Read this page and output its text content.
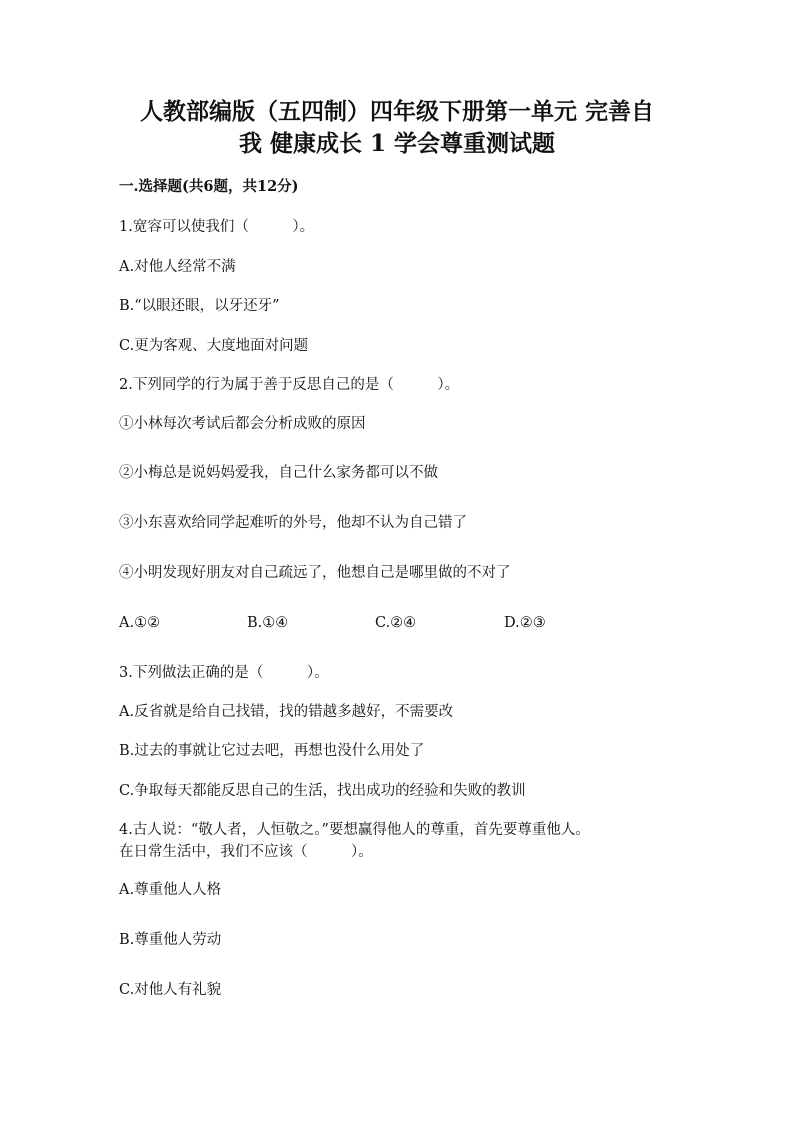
人教部编版（五四制）四年级下册第一单元 完善自
我 健康成长 1 学会尊重测试题

一.选择题(共6题，共12分)

1.宽容可以使我们（　　　）。

A.对他人经常不满

B.“以眼还眼，以牙还牙”

C.更为客观、大度地面对问题

2.下列同学的行为属于善于反思自己的是（　　　）。

①小林每次考试后都会分析成败的原因

②小梅总是说妈妈爱我，自己什么家务都可以不做

③小东喜欢给同学起难听的外号，他却不认为自己错了

④小明发现好朋友对自己疏远了，他想自己是哪里做的不对了

A.①②	B.①④	C.②④	D.②③

3.下列做法正确的是（　　　）。

A.反省就是给自己找错，找的错越多越好，不需要改

B.过去的事就让它过去吧，再想也没什么用处了

C.争取每天都能反思自己的生活，找出成功的经验和失败的教训

4.古人说：“敬人者，人恒敬之。”要想赢得他人的尊重，首先要尊重他人。

在日常生活中，我们不应该（　　　）。

A.尊重他人人格

B.尊重他人劳动

C.对他人有礼貌
